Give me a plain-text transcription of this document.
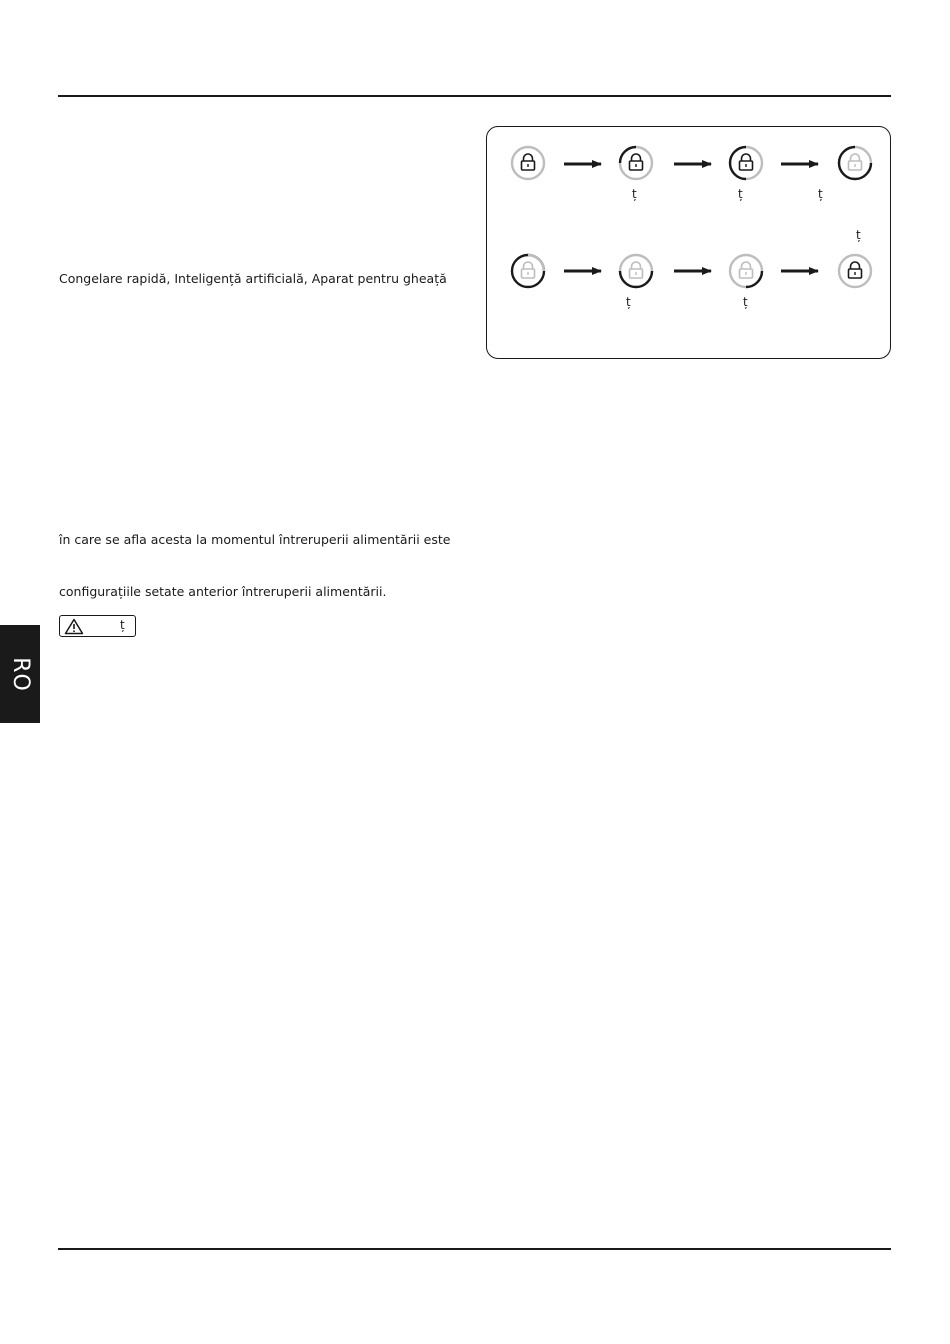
Congelare rapidă, Inteligență artificială, Aparat pentru gheață
în care se afla acesta la momentul întreruperii alimentării este
configurațiile setate anterior întreruperii alimentării.
ț
RO
ț	ț	ț
ț
ț	ț
